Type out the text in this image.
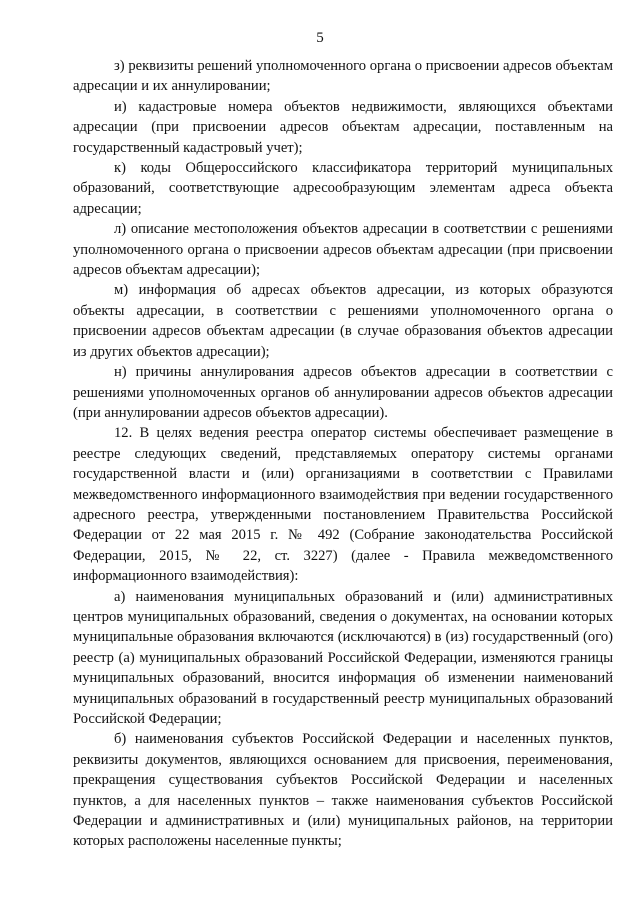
5

з) реквизиты решений уполномоченного органа о присвоении адресов объектам адресации и их аннулировании;

и) кадастровые номера объектов недвижимости, являющихся объектами адресации (при присвоении адресов объектам адресации, поставленным на государственный кадастровый учет);

к) коды Общероссийского классификатора территорий муниципальных образований, соответствующие адресообразующим элементам адреса объекта адресации;

л) описание местоположения объектов адресации в соответствии с решениями уполномоченного органа о присвоении адресов объектам адресации (при присвоении адресов объектам адресации);

м) информация об адресах объектов адресации, из которых образуются объекты адресации, в соответствии с решениями уполномоченного органа о присвоении адресов объектам адресации (в случае образования объектов адресации из других объектов адресации);

н) причины аннулирования адресов объектов адресации в соответствии с решениями уполномоченных органов об аннулировании адресов объектов адресации (при аннулировании адресов объектов адресации).

12. В целях ведения реестра оператор системы обеспечивает размещение в реестре следующих сведений, представляемых оператору системы органами государственной власти и (или) организациями в соответствии с Правилами межведомственного информационного взаимодействия при ведении государственного адресного реестра, утвержденными постановлением Правительства Российской Федерации от 22 мая 2015 г. № 492 (Собрание законодательства Российской Федерации, 2015, № 22, ст. 3227) (далее - Правила межведомственного информационного взаимодействия):

а) наименования муниципальных образований и (или) административных центров муниципальных образований, сведения о документах, на основании которых муниципальные образования включаются (исключаются) в (из) государственный (ого) реестр (а) муниципальных образований Российской Федерации, изменяются границы муниципальных образований, вносится информация об изменении наименований муниципальных образований в государственный реестр муниципальных образований Российской Федерации;

б) наименования субъектов Российской Федерации и населенных пунктов, реквизиты документов, являющихся основанием для присвоения, переименования, прекращения существования субъектов Российской Федерации и населенных пунктов, а для населенных пунктов – также наименования субъектов Российской Федерации и административных и (или) муниципальных районов, на территории которых расположены населенные пункты;
